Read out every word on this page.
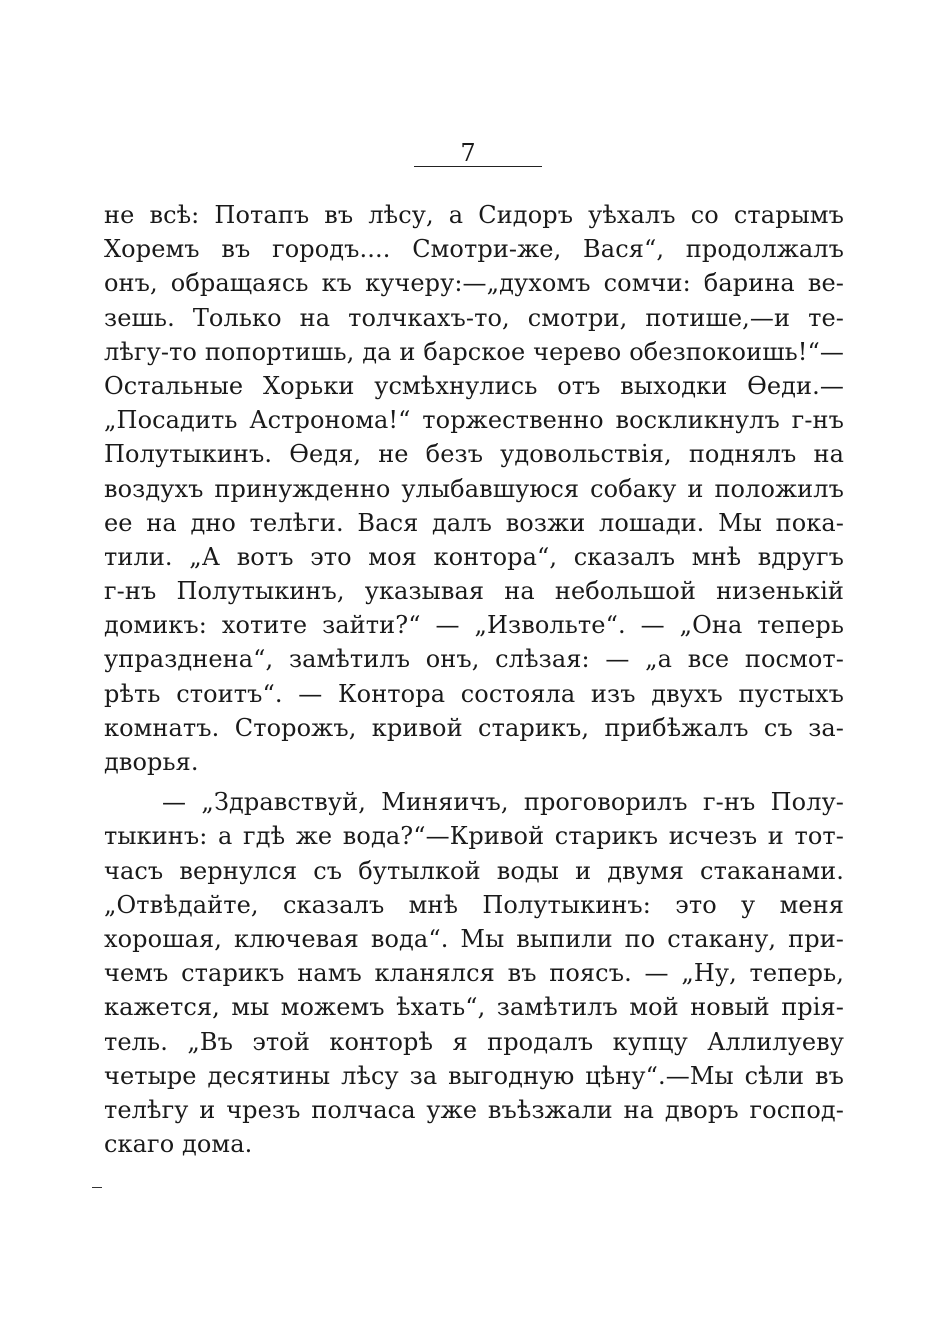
7
не всѣ: Потапъ въ лѣсу, а Сидоръ уѣхалъ со старымъ
Хоремъ въ городъ.... Смотри-же, Вася“, продолжалъ
онъ, обращаясь къ кучеру:—„духомъ сомчи: барина ве-
зешь. Только на толчкахъ-то, смотри, потише,—и те-
лѣгу-то попортишь, да и барское черево обезпокоишь!“—
Остальные Хорьки усмѣхнулись отъ выходки Ѳеди.—
„Посадить Астронома!“ торжественно воскликнулъ г-нъ
Полутыкинъ. Ѳедя, не безъ удовольствія, поднялъ на
воздухъ принужденно улыбавшуюся собаку и положилъ
ее на дно телѣги. Вася далъ возжи лошади. Мы пока-
тили. „А вотъ это моя контора“, сказалъ мнѣ вдругъ
г-нъ Полутыкинъ, указывая на небольшой низенькій
домикъ: хотите зайти?“ — „Извольте“. — „Она теперь
упразднена“, замѣтилъ онъ, слѣзая: — „а все посмот-
рѣть стоитъ“. — Контора состояла изъ двухъ пустыхъ
комнатъ. Сторожъ, кривой старикъ, прибѣжалъ съ за-
дворья.
— „Здравствуй, Миняичъ, проговорилъ г-нъ Полу-
тыкинъ: а гдѣ же вода?“—Кривой старикъ исчезъ и тот-
часъ вернулся съ бутылкой воды и двумя стаканами.
„Отвѣдайте, сказалъ мнѣ Полутыкинъ: это у меня
хорошая, ключевая вода“. Мы выпили по стакану, при-
чемъ старикъ намъ кланялся въ поясъ. — „Ну, теперь,
кажется, мы можемъ ѣхать“, замѣтилъ мой новый прія-
тель. „Въ этой конторѣ я продалъ купцу Аллилуеву
четыре десятины лѣсу за выгодную цѣну“.—Мы сѣли въ
телѣгу и чрезъ полчаса уже въѣзжали на дворъ господ-
скаго дома.
